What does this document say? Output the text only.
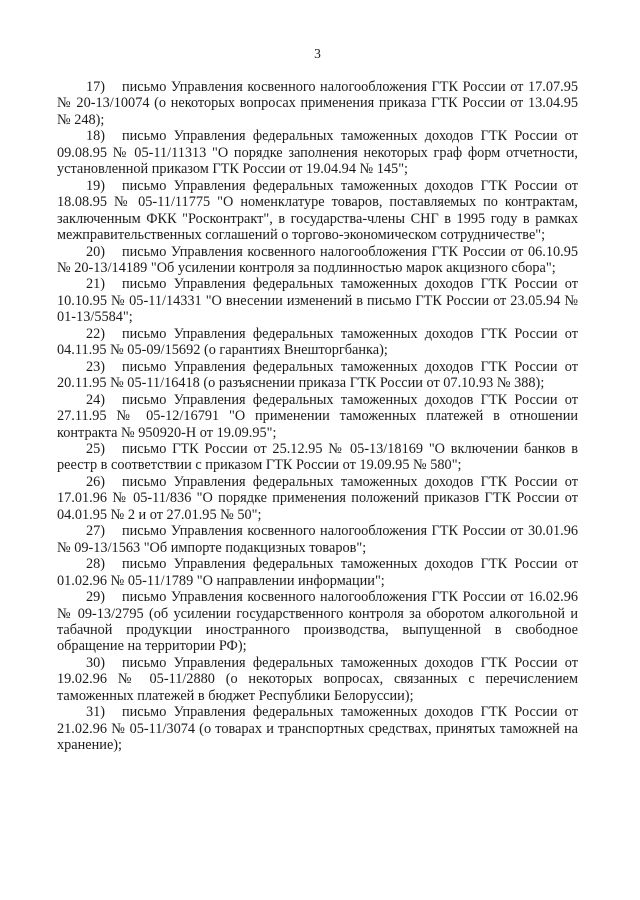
3

17) письмо Управления косвенного налогообложения ГТК России от 17.07.95 № 20-13/10074 (о некоторых вопросах применения приказа ГТК России от 13.04.95 № 248);

18) письмо Управления федеральных таможенных доходов ГТК России от 09.08.95 № 05-11/11313 "О порядке заполнения некоторых граф форм отчетности, установленной приказом ГТК России от 19.04.94 № 145";

19) письмо Управления федеральных таможенных доходов ГТК России от 18.08.95 № 05-11/11775 "О номенклатуре товаров, поставляемых по контрактам, заключенным ФКК "Росконтракт", в государства-члены СНГ в 1995 году в рамках межправительственных соглашений о торгово-экономическом сотрудничестве";

20) письмо Управления косвенного налогообложения ГТК России от 06.10.95 № 20-13/14189 "Об усилении контроля за подлинностью марок акцизного сбора";

21) письмо Управления федеральных таможенных доходов ГТК России от 10.10.95 № 05-11/14331 "О внесении изменений в письмо ГТК России от 23.05.94 № 01-13/5584";

22) письмо Управления федеральных таможенных доходов ГТК России от 04.11.95 № 05-09/15692 (о гарантиях Внешторгбанка);

23) письмо Управления федеральных таможенных доходов ГТК России от 20.11.95 № 05-11/16418 (о разъяснении приказа ГТК России от 07.10.93 № 388);

24) письмо Управления федеральных таможенных доходов ГТК России от 27.11.95 № 05-12/16791 "О применении таможенных платежей в отношении контракта № 950920-Н от 19.09.95";

25) письмо ГТК России от 25.12.95 № 05-13/18169 "О включении банков в реестр в соответствии с приказом ГТК России от 19.09.95 № 580";

26) письмо Управления федеральных таможенных доходов ГТК России от 17.01.96 № 05-11/836 "О порядке применения положений приказов ГТК России от 04.01.95 № 2 и от 27.01.95 № 50";

27) письмо Управления косвенного налогообложения ГТК России от 30.01.96 № 09-13/1563 "Об импорте подакцизных товаров";

28) письмо Управления федеральных таможенных доходов ГТК России от 01.02.96 № 05-11/1789 "О направлении информации";

29) письмо Управления косвенного налогообложения ГТК России от 16.02.96 № 09-13/2795 (об усилении государственного контроля за оборотом алкогольной и табачной продукции иностранного производства, выпущенной в свободное обращение на территории РФ);

30) письмо Управления федеральных таможенных доходов ГТК России от 19.02.96 № 05-11/2880 (о некоторых вопросах, связанных с перечислением таможенных платежей в бюджет Республики Белоруссии);

31) письмо Управления федеральных таможенных доходов ГТК России от 21.02.96 № 05-11/3074 (о товарах и транспортных средствах, принятых таможней на хранение);
